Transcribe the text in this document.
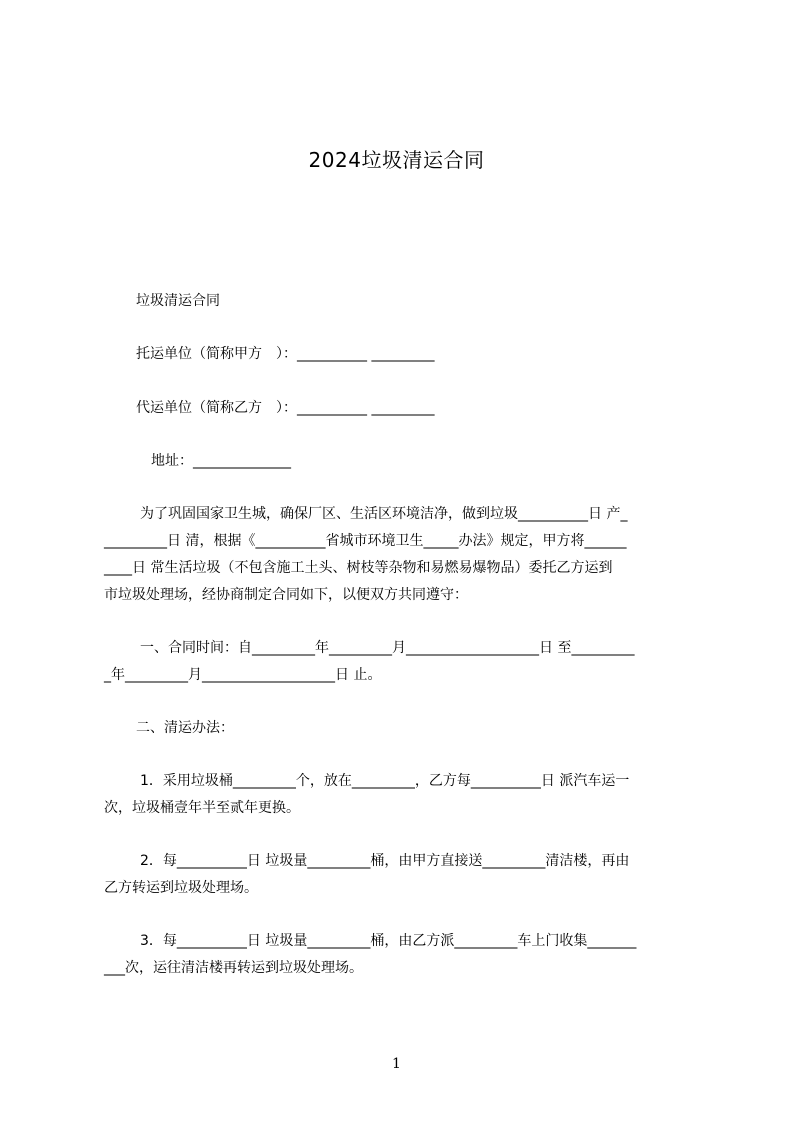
2024垃圾清运合同
垃圾清运合同
托运单位（简称甲方　）：__________ _________
代运单位（简称乙方　）：__________ _________
地址：______________
为了巩固国家卫生城，确保厂区、生活区环境洁净，做到垃圾__________日 产_
_________日 清，根据《__________省城市环境卫生_____办法》规定，甲方将______
____日 常生活垃圾（不包含施工土头、树枝等杂物和易燃易爆物品）委托乙方运到
市垃圾处理场，经协商制定合同如下，以便双方共同遵守：
一、合同时间：自_________年_________月___________________日 至_________
_年_________月___________________日 止。
二、清运办法：
1．采用垃圾桶_________个，放在_________，乙方每__________日 派汽车运一
次，垃圾桶壹年半至贰年更换。
2．每__________日 垃圾量_________桶，由甲方直接送_________清洁楼，再由
乙方转运到垃圾处理场。
3．每__________日 垃圾量_________桶，由乙方派_________车上门收集_______
___次，运往清洁楼再转运到垃圾处理场。
1
